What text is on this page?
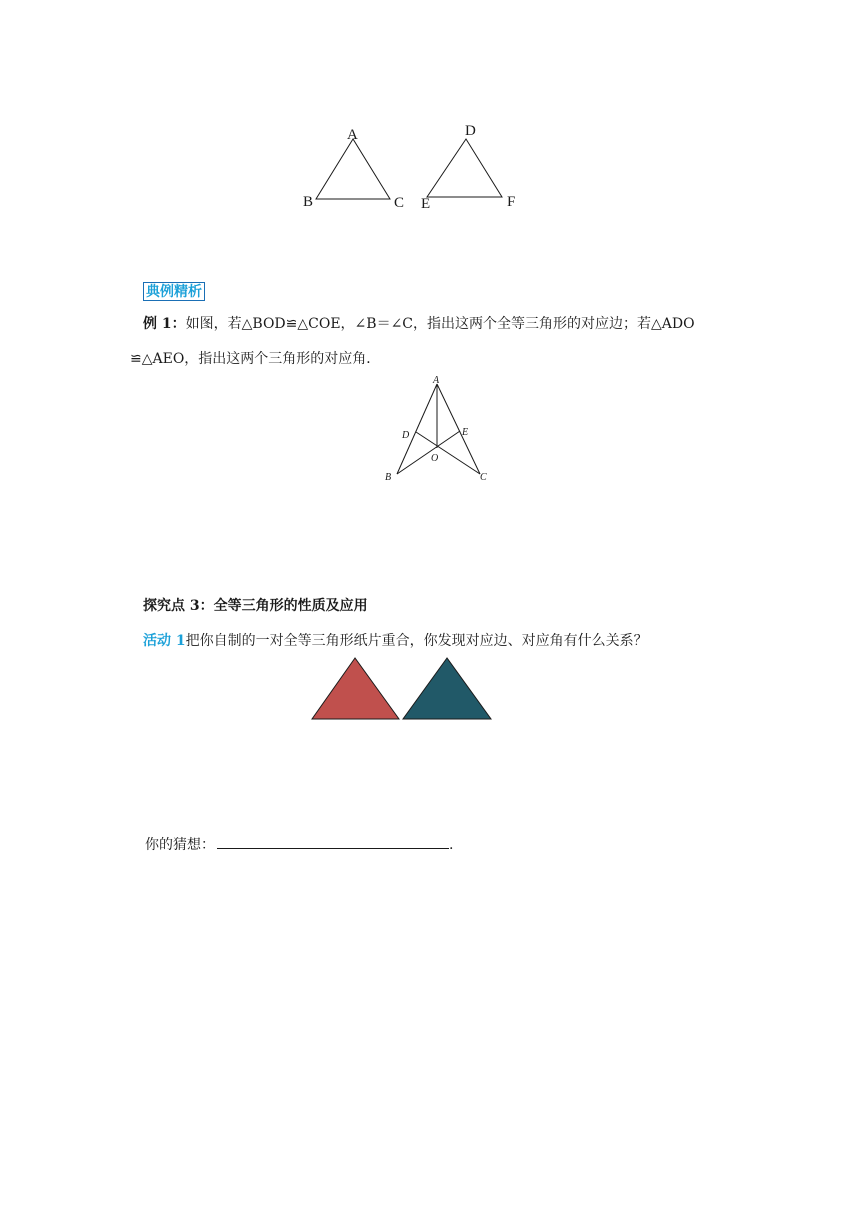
A
B	C
D
E	F
典例精析
例 1：如图，若△BOD≌△COE，∠B＝∠C，指出这两个全等三角形的对应边；若△ADO
≌△AEO，指出这两个三角形的对应角．
A
D	E
O
B	C
探究点 3：全等三角形的性质及应用
活动 1把你自制的一对全等三角形纸片重合，你发现对应边、对应角有什么关系？
你的猜想：	.
